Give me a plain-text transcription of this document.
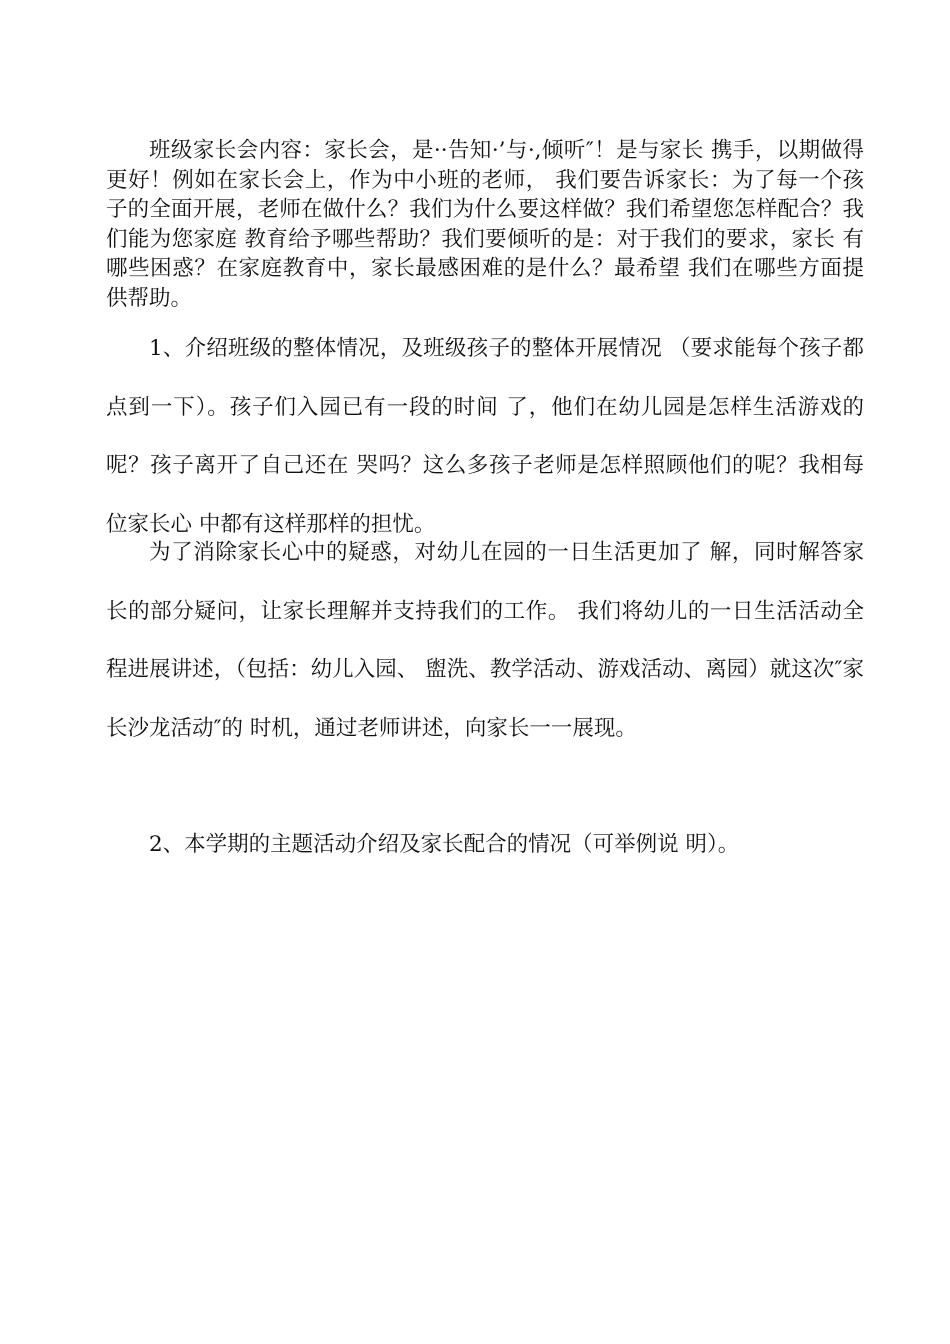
班级家长会内容：家长会，是··告知·’与·,倾听″！是与家长 携手，以期做得更好！例如在家长会上，作为中小班的老师， 我们要告诉家长：为了每一个孩子的全面开展，老师在做什么？我们为什么要这样做？我们希望您怎样配合？我们能为您家庭 教育给予哪些帮助？我们要倾听的是：对于我们的要求，家长 有哪些困惑？在家庭教育中，家长最感困难的是什么？最希望 我们在哪些方面提供帮助。

1、介绍班级的整体情况，及班级孩子的整体开展情况 （要求能每个孩子都点到一下）。孩子们入园已有一段的时间 了，他们在幼儿园是怎样生活游戏的呢？孩子离开了自己还在 哭吗？这么多孩子老师是怎样照顾他们的呢？我相每位家长心 中都有这样那样的担忧。

为了消除家长心中的疑惑，对幼儿在园的一日生活更加了 解，同时解答家长的部分疑问，让家长理解并支持我们的工作。 我们将幼儿的一日生活活动全程进展讲述，（包括：幼儿入园、 盥洗、教学活动、游戏活动、离园）就这次″家长沙龙活动″的 时机，通过老师讲述，向家长一一展现。

2、本学期的主题活动介绍及家长配合的情况（可举例说 明）。
